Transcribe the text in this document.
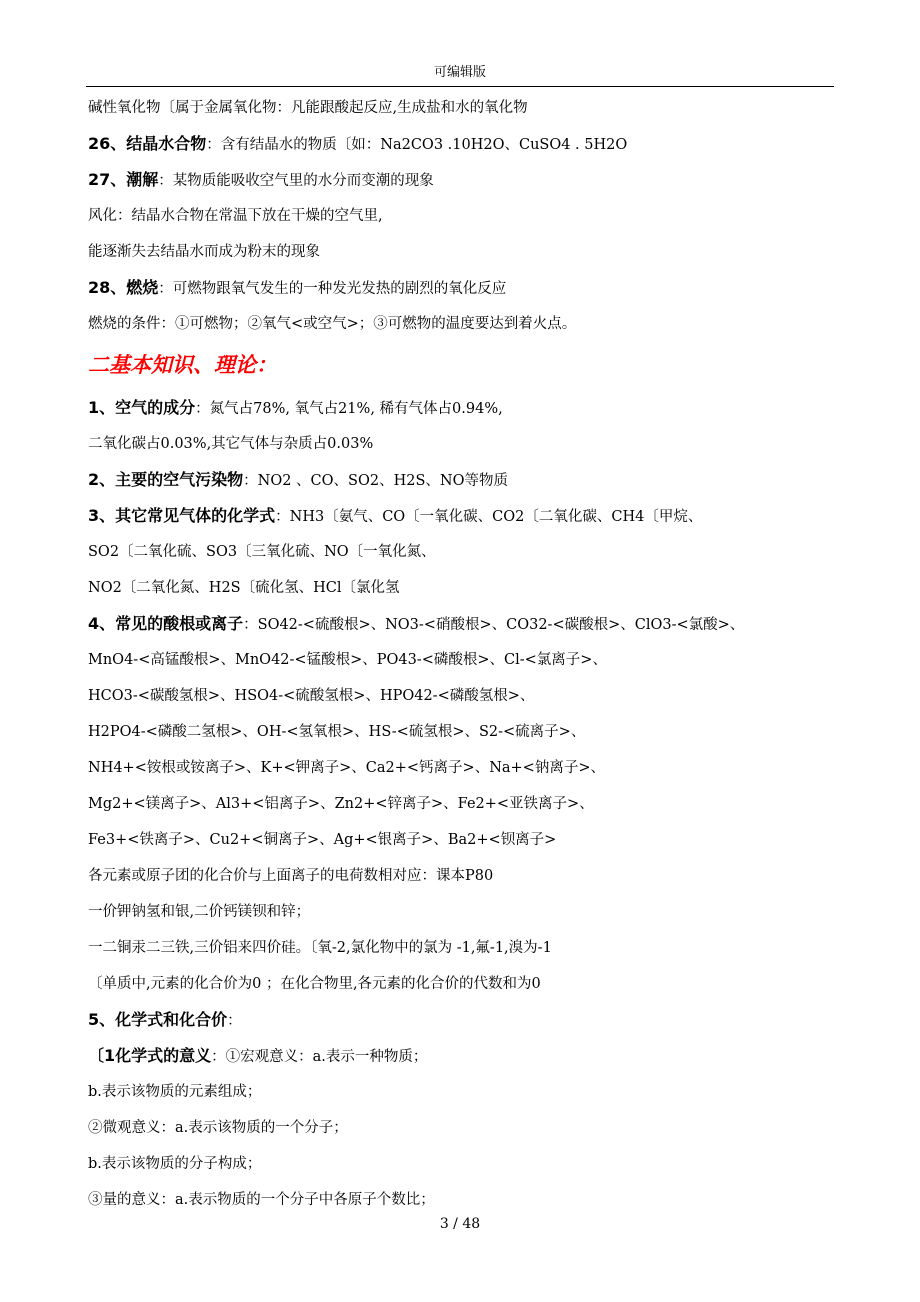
可编辑版
碱性氧化物〔属于金属氧化物：凡能跟酸起反应,生成盐和水的氧化物
26、结晶水合物：含有结晶水的物质〔如：Na2CO3 .10H2O、CuSO4 . 5H2O
27、潮解：某物质能吸收空气里的水分而变潮的现象
风化：结晶水合物在常温下放在干燥的空气里,
能逐渐失去结晶水而成为粉末的现象
28、燃烧：可燃物跟氧气发生的一种发光发热的剧烈的氧化反应
燃烧的条件：①可燃物；②氧气<或空气>；③可燃物的温度要达到着火点。
二基本知识、理论：
1、空气的成分：氮气占78%, 氧气占21%, 稀有气体占0.94%,
二氧化碳占0.03%,其它气体与杂质占0.03%
2、主要的空气污染物：NO2 、CO、SO2、H2S、NO等物质
3、其它常见气体的化学式：NH3〔氨气、CO〔一氧化碳、CO2〔二氧化碳、CH4〔甲烷、
SO2〔二氧化硫、SO3〔三氧化硫、NO〔一氧化氮、
NO2〔二氧化氮、H2S〔硫化氢、HCl〔氯化氢
4、常见的酸根或离子：SO42-<硫酸根>、NO3-<硝酸根>、CO32-<碳酸根>、ClO3-<氯酸>、
MnO4-<高锰酸根>、MnO42-<锰酸根>、PO43-<磷酸根>、Cl-<氯离子>、
HCO3-<碳酸氢根>、HSO4-<硫酸氢根>、HPO42-<磷酸氢根>、
H2PO4-<磷酸二氢根>、OH-<氢氧根>、HS-<硫氢根>、S2-<硫离子>、
NH4+<铵根或铵离子>、K+<钾离子>、Ca2+<钙离子>、Na+<钠离子>、
Mg2+<镁离子>、Al3+<铝离子>、Zn2+<锌离子>、Fe2+<亚铁离子>、
Fe3+<铁离子>、Cu2+<铜离子>、Ag+<银离子>、Ba2+<钡离子>
各元素或原子团的化合价与上面离子的电荷数相对应：课本P80
一价钾钠氢和银,二价钙镁钡和锌；
一二铜汞二三铁,三价铝来四价硅。〔氧-2,氯化物中的氯为 -1,氟-1,溴为-1
〔单质中,元素的化合价为0 ；在化合物里,各元素的化合价的代数和为0
5、化学式和化合价：
〔1化学式的意义：①宏观意义：a.表示一种物质；
b.表示该物质的元素组成；
②微观意义：a.表示该物质的一个分子；
b.表示该物质的分子构成；
③量的意义：a.表示物质的一个分子中各原子个数比；
3 / 48
